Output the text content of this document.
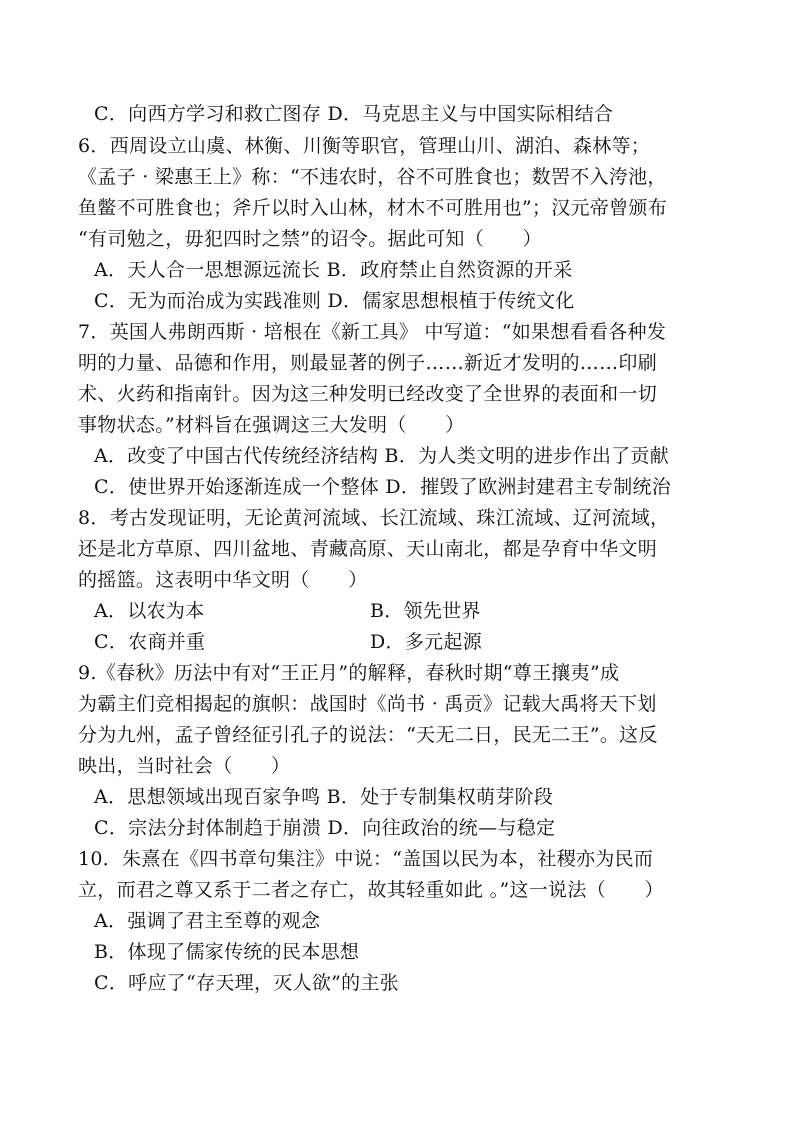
C．向西方学习和救亡图存 D．马克思主义与中国实际相结合
6．西周设立山虞、林衡、川衡等职官，管理山川、湖泊、森林等；
《孟子 · 梁惠王上》称：“不违农时，谷不可胜食也；数罟不入洿池，
鱼鳖不可胜食也；斧斤以时入山林，材木不可胜用也”；汉元帝曾颁布
“有司勉之，毋犯四时之禁”的诏令。据此可知（　　）
A．天人合一思想源远流长 B．政府禁止自然资源的开采
C．无为而治成为实践准则 D．儒家思想根植于传统文化
7．英国人弗朗西斯 · 培根在《新工具》 中写道：“如果想看看各种发
明的力量、品德和作用，则最显著的例子……新近才发明的……印刷
术、火药和指南针。因为这三种发明已经改变了全世界的表面和一切
事物状态。”材料旨在强调这三大发明（　　）
A．改变了中国古代传统经济结构 B．为人类文明的进步作出了贡献
C．使世界开始逐渐连成一个整体 D．摧毁了欧洲封建君主专制统治
8．考古发现证明，无论黄河流域、长江流域、珠江流域、辽河流域，
还是北方草原、四川盆地、青藏高原、天山南北，都是孕育中华文明
的摇篮。这表明中华文明（　　）
A．以农为本	B．领先世界
C．农商并重	D．多元起源
9.《春秋》历法中有对“王正月”的解释，春秋时期“尊王攘夷”成
为霸主们竞相揭起的旗帜：战国时《尚书 · 禹贡》记载大禹将天下划
分为九州，孟子曾经征引孔子的说法：“天无二日，民无二王”。这反
映出，当时社会（　　）
A．思想领域出现百家争鸣 B．处于专制集权萌芽阶段
C．宗法分封体制趋于崩溃 D．向往政治的统—与稳定
10．朱熹在《四书章句集注》中说：“盖国以民为本，社稷亦为民而
立，而君之尊又系于二者之存亡，故其轻重如此 。”这一说法（　　）
A．强调了君主至尊的观念
B．体现了儒家传统的民本思想
C．呼应了“存天理，灭人欲”的主张
